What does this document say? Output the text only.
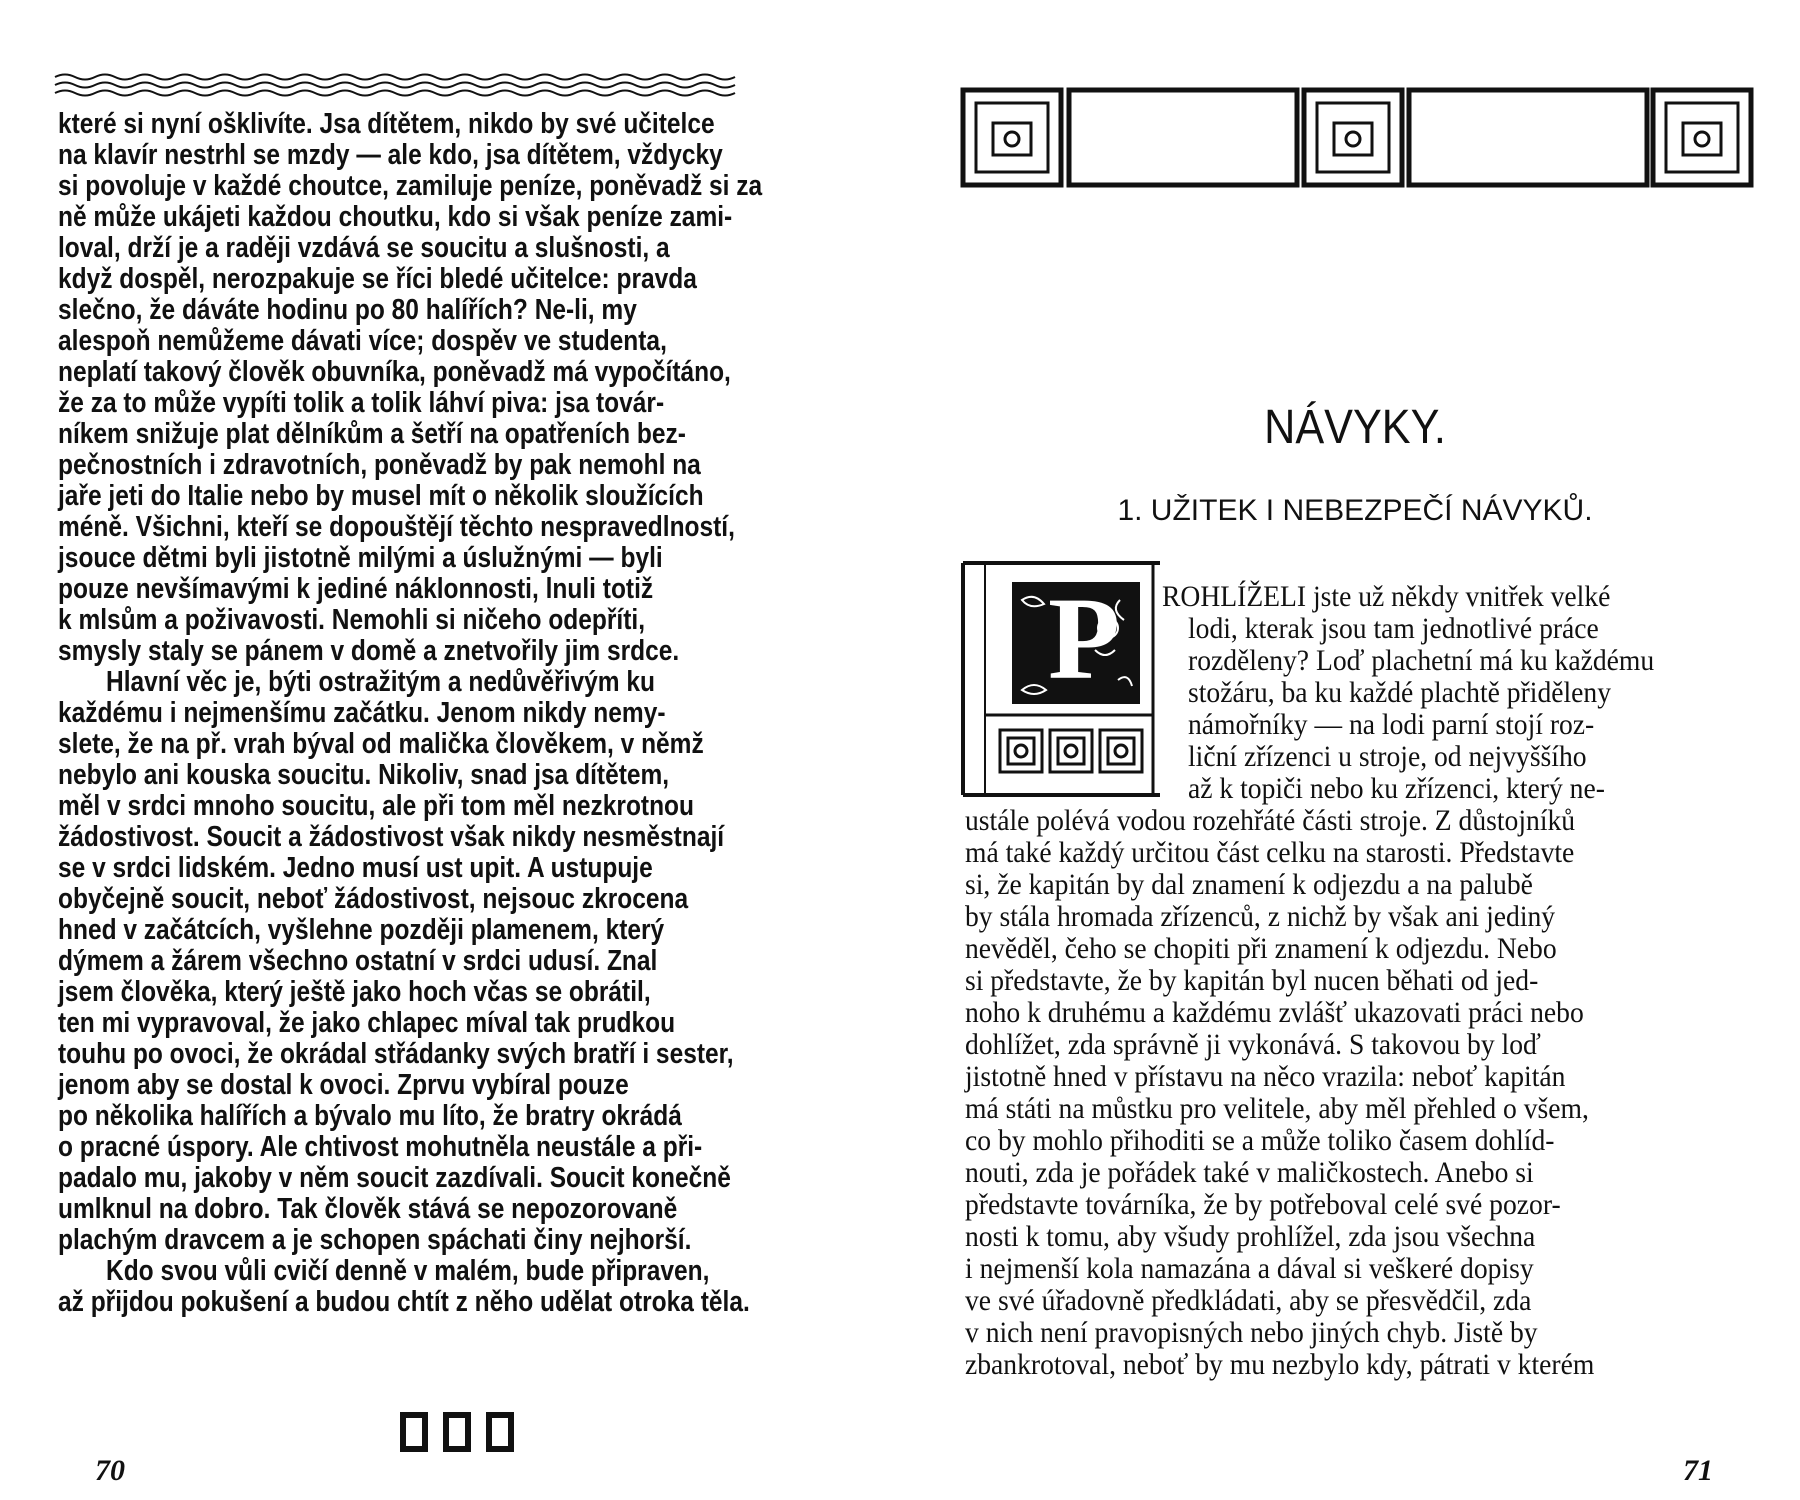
P
které si nyní ošklivíte. Jsa dítětem, nikdo by své učitelce
na klavír nestrhl se mzdy — ale kdo, jsa dítětem, vždycky
si povoluje v každé choutce, zamiluje peníze, poněvadž si za
ně může ukájeti každou choutku, kdo si však peníze zami-
loval, drží je a raději vzdává se soucitu a slušnosti, a
když dospěl, nerozpakuje se říci bledé učitelce: pravda
slečno, že dáváte hodinu po 80 halířích? Ne-li, my
alespoň nemůžeme dávati více; dospěv ve studenta,
neplatí takový člověk obuvníka, poněvadž má vypočítáno,
že za to může vypíti tolik a tolik láhví piva: jsa továr-
níkem snižuje plat dělníkům a šetří na opatřeních bez-
pečnostních i zdravotních, poněvadž by pak nemohl na
jaře jeti do Italie nebo by musel mít o několik sloužících
méně. Všichni, kteří se dopouštějí těchto nespravedlností,
jsouce dětmi byli jistotně milými a úslužnými — byli
pouze nevšímavými k jediné náklonnosti, lnuli totiž
k mlsům a poživavosti. Nemohli si ničeho odepříti,
smysly staly se pánem v domě a znetvořily jim srdce.
Hlavní věc je, býti ostražitým a nedůvěřivým ku
každému i nejmenšímu začátku. Jenom nikdy nemy-
slete, že na př. vrah býval od malička člověkem, v němž
nebylo ani kouska soucitu. Nikoliv, snad jsa dítětem,
měl v srdci mnoho soucitu, ale při tom měl nezkrotnou
žádostivost. Soucit a žádostivost však nikdy nesměstnají
se v srdci lidském. Jedno musí ust upit. A ustupuje
obyčejně soucit, neboť žádostivost, nejsouc zkrocena
hned v začátcích, vyšlehne později plamenem, který
dýmem a žárem všechno ostatní v srdci udusí. Znal
jsem člověka, který ještě jako hoch včas se obrátil,
ten mi vypravoval, že jako chlapec míval tak prudkou
touhu po ovoci, že okrádal střádanky svých bratří i sester,
jenom aby se dostal k ovoci. Zprvu vybíral pouze
po několika halířích a bývalo mu líto, že bratry okrádá
o pracné úspory. Ale chtivost mohutněla neustále a při-
padalo mu, jakoby v něm soucit zazdívali. Soucit konečně
umlknul na dobro. Tak člověk stává se nepozorovaně
plachým dravcem a je schopen spáchati činy nejhorší.
Kdo svou vůli cvičí denně v malém, bude připraven,
až přijdou pokušení a budou chtít z něho udělat otroka těla.
70
NÁVYKY.
1. UŽITEK I NEBEZPEČÍ NÁVYKŮ.
ROHLÍŽELI jste už někdy vnitřek velké
lodi, kterak jsou tam jednotlivé práce
rozděleny? Loď plachetní má ku každému
stožáru, ba ku každé plachtě přiděleny
námořníky — na lodi parní stojí roz-
liční zřízenci u stroje, od nejvyššího
až k topiči nebo ku zřízenci, který ne-
ustále polévá vodou rozehřáté části stroje. Z důstojníků
má také každý určitou část celku na starosti. Představte
si, že kapitán by dal znamení k odjezdu a na palubě
by stála hromada zřízenců, z nichž by však ani jediný
nevěděl, čeho se chopiti při znamení k odjezdu. Nebo
si představte, že by kapitán byl nucen běhati od jed-
noho k druhému a každému zvlášť ukazovati práci nebo
dohlížet, zda správně ji vykonává. S takovou by loď
jistotně hned v přístavu na něco vrazila: neboť kapitán
má státi na můstku pro velitele, aby měl přehled o všem,
co by mohlo přihoditi se a může toliko časem dohlíd-
nouti, zda je pořádek také v maličkostech. Anebo si
představte továrníka, že by potřeboval celé své pozor-
nosti k tomu, aby všudy prohlížel, zda jsou všechna
i nejmenší kola namazána a dával si veškeré dopisy
ve své úřadovně předkládati, aby se přesvědčil, zda
v nich není pravopisných nebo jiných chyb. Jistě by
zbankrotoval, neboť by mu nezbylo kdy, pátrati v kterém
71
